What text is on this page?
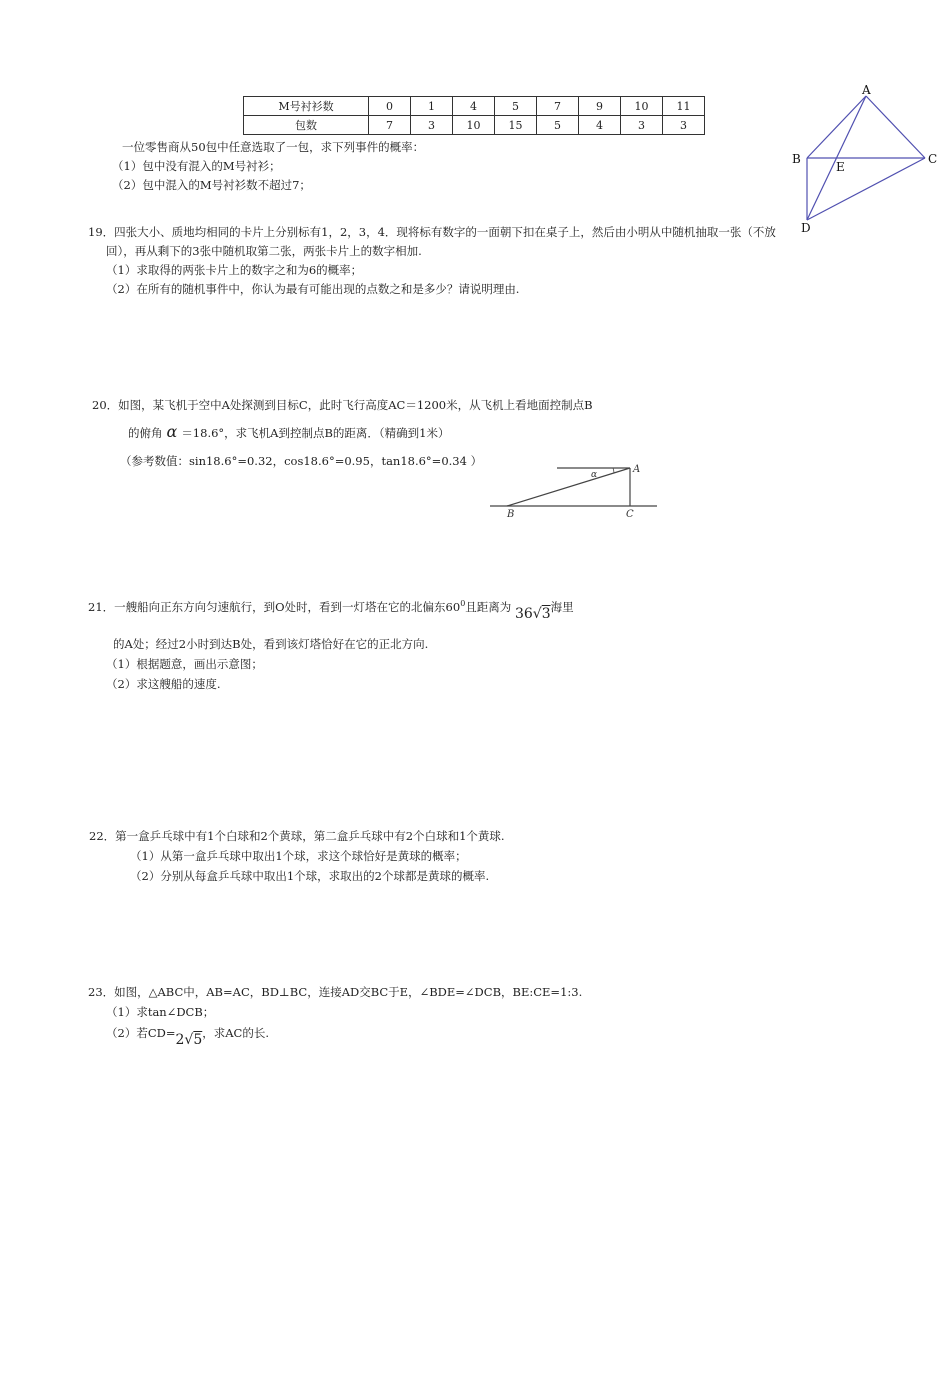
M号衬衫数	0	1	4	5	7	9	10	11
包数	7	3	10	15	5	4	3	3
一位零售商从50包中任意选取了一包，求下列事件的概率：
（1）包中没有混入的M号衬衫；
（2）包中混入的M号衬衫数不超过7；
A
B	C
D
E
19．四张大小、质地均相同的卡片上分别标有1，2，3，4．现将标有数字的一面朝下扣在桌子上，然后由小明从中随机抽取一张（不放
回），再从剩下的3张中随机取第二张，两张卡片上的数字相加.
（1）求取得的两张卡片上的数字之和为6的概率；
（2）在所有的随机事件中，你认为最有可能出现的点数之和是多少？请说明理由.
20．如图，某飞机于空中A处探测到目标C，此时飞行高度AC＝1200米，从飞机上看地面控制点B
的俯角 α ＝18.6°，求飞机A到控制点B的距离．（精确到1米）
（参考数值：sin18.6°=0.32，cos18.6°=0.95，tan18.6°=0.34 ）
α	A
B	C
21．一艘船向正东方向匀速航行，到O处时，看到一灯塔在它的北偏东$60^0$且距离为 36√3海里
的A处；经过2小时到达B处，看到该灯塔恰好在它的正北方向.
（1）根据题意，画出示意图；
（2）求这艘船的速度.
22．第一盒乒乓球中有1个白球和2个黄球，第二盒乒乓球中有2个白球和1个黄球.
（1）从第一盒乒乓球中取出1个球，求这个球恰好是黄球的概率；
（2）分别从每盒乒乓球中取出1个球，求取出的2个球都是黄球的概率.
23．如图，△ABC中，AB=AC，BD⊥BC，连接AD交BC于E，∠BDE=∠DCB，BE:CE=1:3.
（1）求tan∠DCB；
（2）若CD=2√5，求AC的长.
